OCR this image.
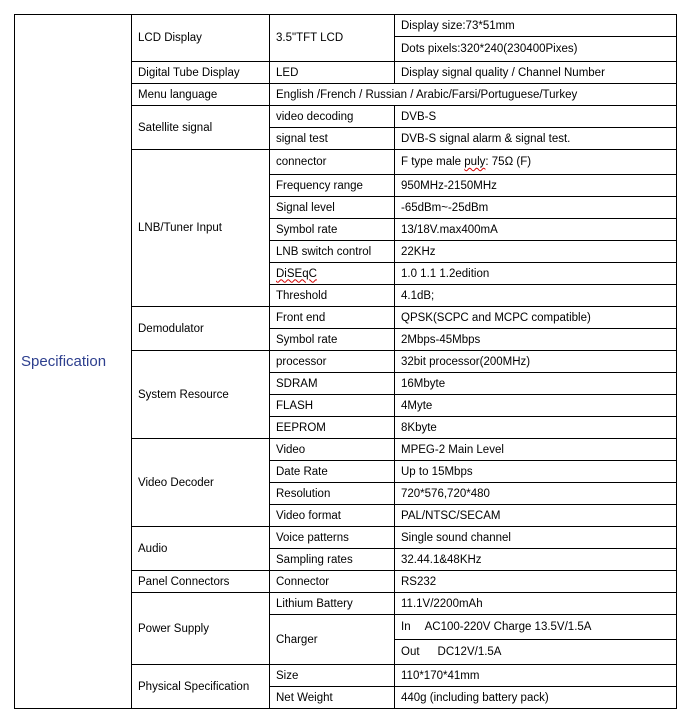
Specification	LCD Display	3.5"TFT LCD	Display size:73*51mm
			Dots pixels:320*240(230400Pixes)
	Digital Tube Display	LED	Display signal quality / Channel Number
	Menu language	English /French / Russian / Arabic/Farsi/Portuguese/Turkey	
	Satellite signal	video decoding	DVB-S
		signal test	DVB-S signal alarm & signal test.
	LNB/Tuner Input	connector	F type male puly: 75Ω (F)
		Frequency range	950MHz-2150MHz
		Signal level	-65dBm~-25dBm
		Symbol rate	13/18V.max400mA
		LNB switch control	22KHz
		DiSEqC	1.0 1.1 1.2edition
		Threshold	4.1dB;
	Demodulator	Front end	QPSK(SCPC and MCPC compatible)
		Symbol rate	2Mbps-45Mbps
	System Resource	processor	32bit processor(200MHz)
		SDRAM	16Mbyte
		FLASH	4Myte
		EEPROM	8Kbyte
	Video Decoder	Video	MPEG-2 Main Level
		Date Rate	Up to 15Mbps
		Resolution	720*576,720*480
		Video format	PAL/NTSC/SECAM
	Audio	Voice patterns	Single sound channel
		Sampling rates	32.44.1&48KHz
	Panel Connectors	Connector	RS232
	Power Supply	Lithium Battery	11.1V/2200mAh
		Charger	In AC100-220V Charge 13.5V/1.5A
			Out DC12V/1.5A
	Physical Specification	Size	110*170*41mm
		Net Weight	440g (including battery pack)
